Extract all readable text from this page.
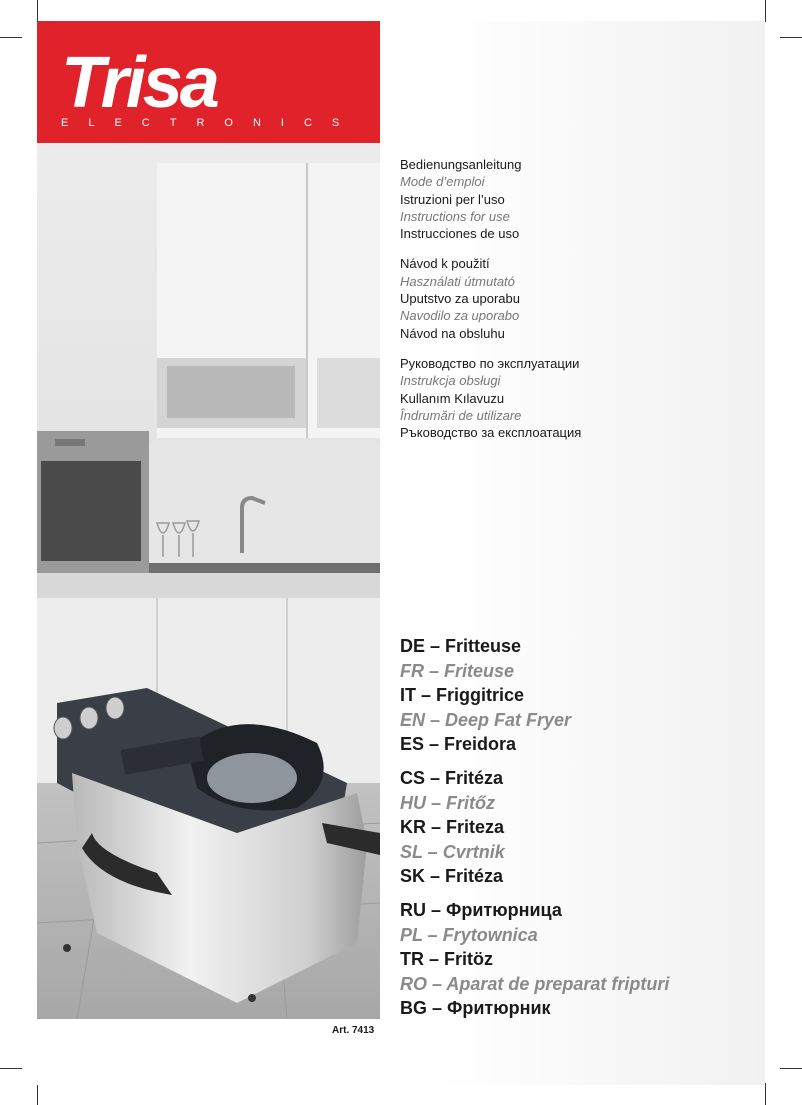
Trisa	®
ELECTRONICS
Bedienungsanleitung
Mode d’emploi
Istruzioni per l’uso
Instructions for use
Instrucciones de uso
Návod k použití
Használati útmutató
Uputstvo za uporabu
Navodilo za uporabo
Návod na obsluhu
Руководство по эксплуатации
Instrukcja obsługi
Kullanım Kılavuzu
Îndrumări de utilizare
Ръководство за експлоатация
DE – Fritteuse
FR – Friteuse
IT – Friggitrice
EN – Deep Fat Fryer
ES – Freidora
CS – Fritéza
HU – Fritőz
KR – Friteza
SL – Cvrtnik
SK – Fritéza
RU – Фритюрница
PL – Frytownica
TR – Fritöz
RO – Aparat de preparat fripturi
BG – Фритюрник
Art. 7413
